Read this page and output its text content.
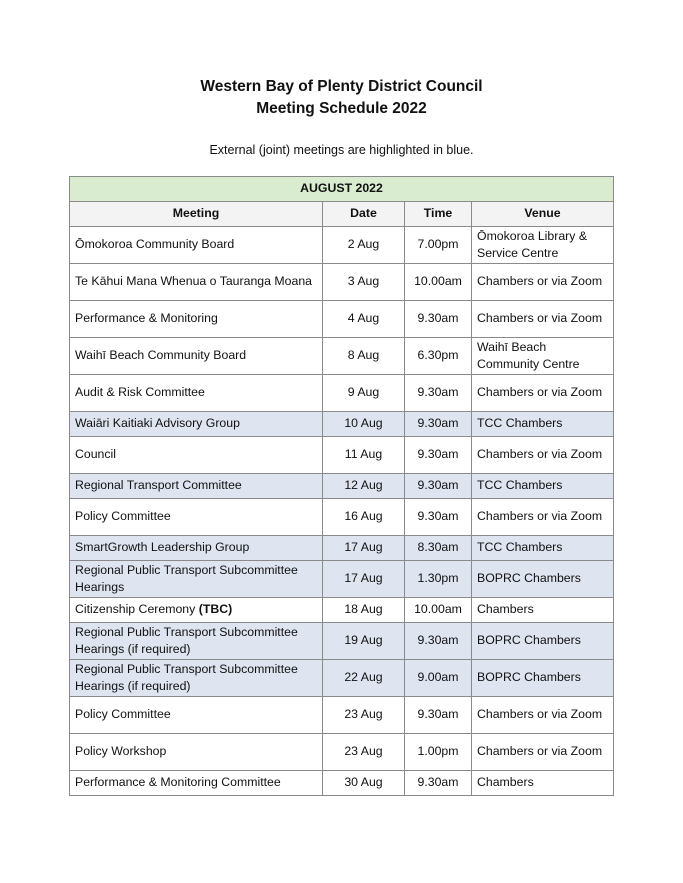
Western Bay of Plenty District Council
Meeting Schedule 2022
External (joint) meetings are highlighted in blue.
AUGUST 2022			
Meeting	Date	Time	Venue
Ōmokoroa Community Board	2 Aug	7.00pm	Ōmokoroa Library & Service Centre
Te Kāhui Mana Whenua o Tauranga Moana	3 Aug	10.00am	Chambers or via Zoom
Performance & Monitoring	4 Aug	9.30am	Chambers or via Zoom
Waihī Beach Community Board	8 Aug	6.30pm	Waihī Beach Community Centre
Audit & Risk Committee	9 Aug	9.30am	Chambers or via Zoom
Waiāri Kaitiaki Advisory Group	10 Aug	9.30am	TCC Chambers
Council	11 Aug	9.30am	Chambers or via Zoom
Regional Transport Committee	12 Aug	9.30am	TCC Chambers
Policy Committee	16 Aug	9.30am	Chambers or via Zoom
SmartGrowth Leadership Group	17 Aug	8.30am	TCC Chambers
Regional Public Transport Subcommittee Hearings	17 Aug	1.30pm	BOPRC Chambers
Citizenship Ceremony (TBC)	18 Aug	10.00am	Chambers
Regional Public Transport Subcommittee Hearings (if required)	19 Aug	9.30am	BOPRC Chambers
Regional Public Transport Subcommittee Hearings (if required)	22 Aug	9.00am	BOPRC Chambers
Policy Committee	23 Aug	9.30am	Chambers or via Zoom
Policy Workshop	23 Aug	1.00pm	Chambers or via Zoom
Performance & Monitoring Committee	30 Aug	9.30am	Chambers
